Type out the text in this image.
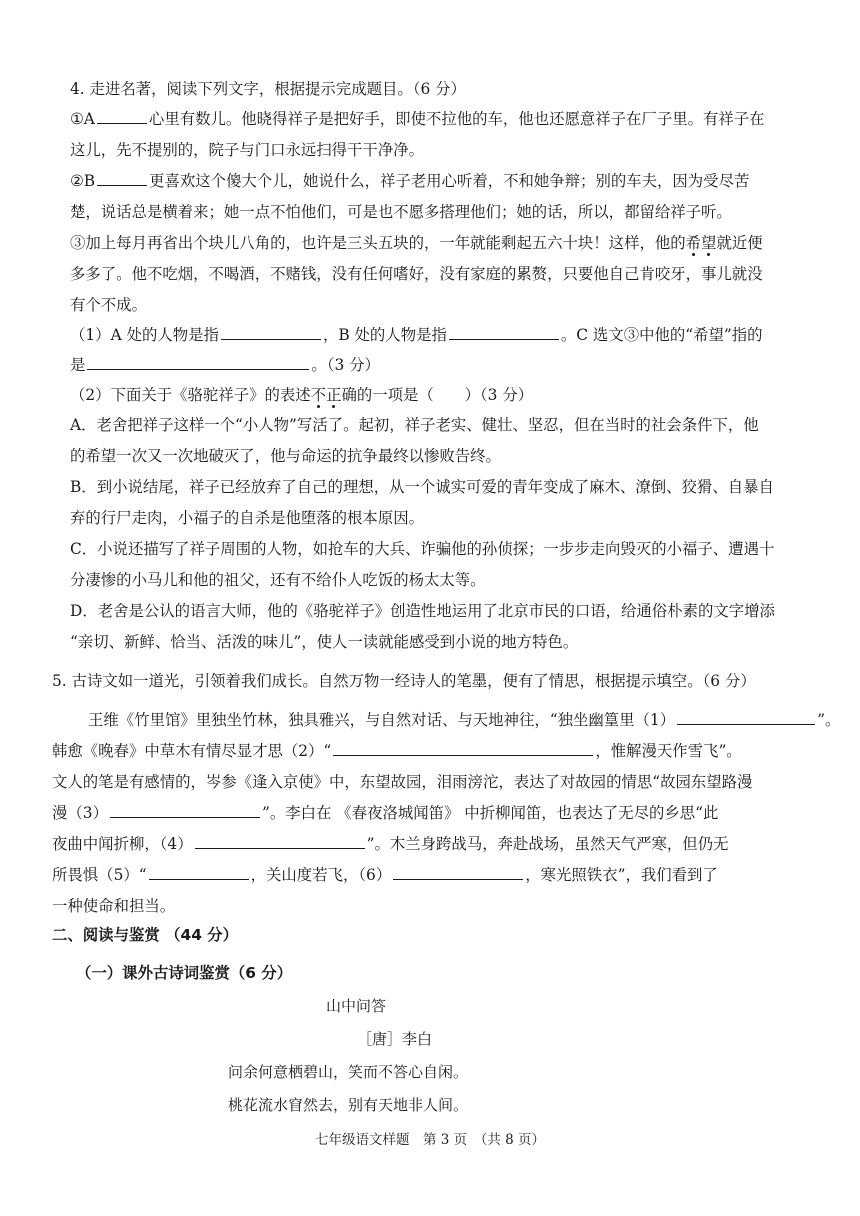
4. 走进名著，阅读下列文字，根据提示完成题目。（6 分）
①A	心里有数儿。他晓得祥子是把好手，即使不拉他的车，他也还愿意祥子在厂子里。有祥子在
这儿，先不提别的，院子与门口永远扫得干干净净。
②B	更喜欢这个傻大个儿，她说什么，祥子老用心听着，不和她争辩；别的车夫，因为受尽苦
楚，说话总是横着来；她一点不怕他们，可是也不愿多搭理他们；她的话，所以，都留给祥子听。
③加上每月再省出个块儿八角的，也许是三头五块的，一年就能剩起五六十块！这样，他的希望就近便
多多了。他不吃烟，不喝酒，不赌钱，没有任何嗜好，没有家庭的累赘，只要他自己肯咬牙，事儿就没
有个不成。
（1）A 处的人物是指	，B 处的人物是指	。C 选文③中他的“希望”指的
是	。（3 分）
（2）下面关于《骆驼祥子》的表述不正确的一项是（　　）（3 分）
A．老舍把祥子这样一个“小人物”写活了。起初，祥子老实、健壮、坚忍，但在当时的社会条件下，他
的希望一次又一次地破灭了，他与命运的抗争最终以惨败告终。
B．到小说结尾，祥子已经放弃了自己的理想，从一个诚实可爱的青年变成了麻木、潦倒、狡猾、自暴自
弃的行尸走肉，小福子的自杀是他堕落的根本原因。
C．小说还描写了祥子周围的人物，如抢车的大兵、诈骗他的孙侦探；一步步走向毁灭的小福子、遭遇十
分凄惨的小马儿和他的祖父，还有不给仆人吃饭的杨太太等。
D．老舍是公认的语言大师，他的《骆驼祥子》创造性地运用了北京市民的口语，给通俗朴素的文字增添
“亲切、新鲜、恰当、活泼的味儿”，使人一读就能感受到小说的地方特色。
5. 古诗文如一道光，引领着我们成长。自然万物一经诗人的笔墨，便有了情思，根据提示填空。（6 分）
王维《竹里馆》里独坐竹林，独具雅兴，与自然对话、与天地神往，“独坐幽篁里（1）	”。
韩愈《晚春》中草木有情尽显才思（2）“	，惟解漫天作雪飞”。
文人的笔是有感情的，岑参《逢入京使》中，东望故园，泪雨滂沱，表达了对故园的情思“故园东望路漫
漫（3）	”。李白在 《春夜洛城闻笛》 中折柳闻笛，也表达了无尽的乡思“此
夜曲中闻折柳，（4）	”。木兰身跨战马，奔赴战场，虽然天气严寒，但仍无
所畏惧（5）“	，关山度若飞，（6）	，寒光照铁衣”，我们看到了
一种使命和担当。
二、阅读与鉴赏 （44 分）
（一）课外古诗词鉴赏（6 分）
山中问答
［唐］李白
问余何意栖碧山，笑而不答心自闲。
桃花流水窅然去，别有天地非人间。
七年级语文样题　第 3 页　（共 8 页）
